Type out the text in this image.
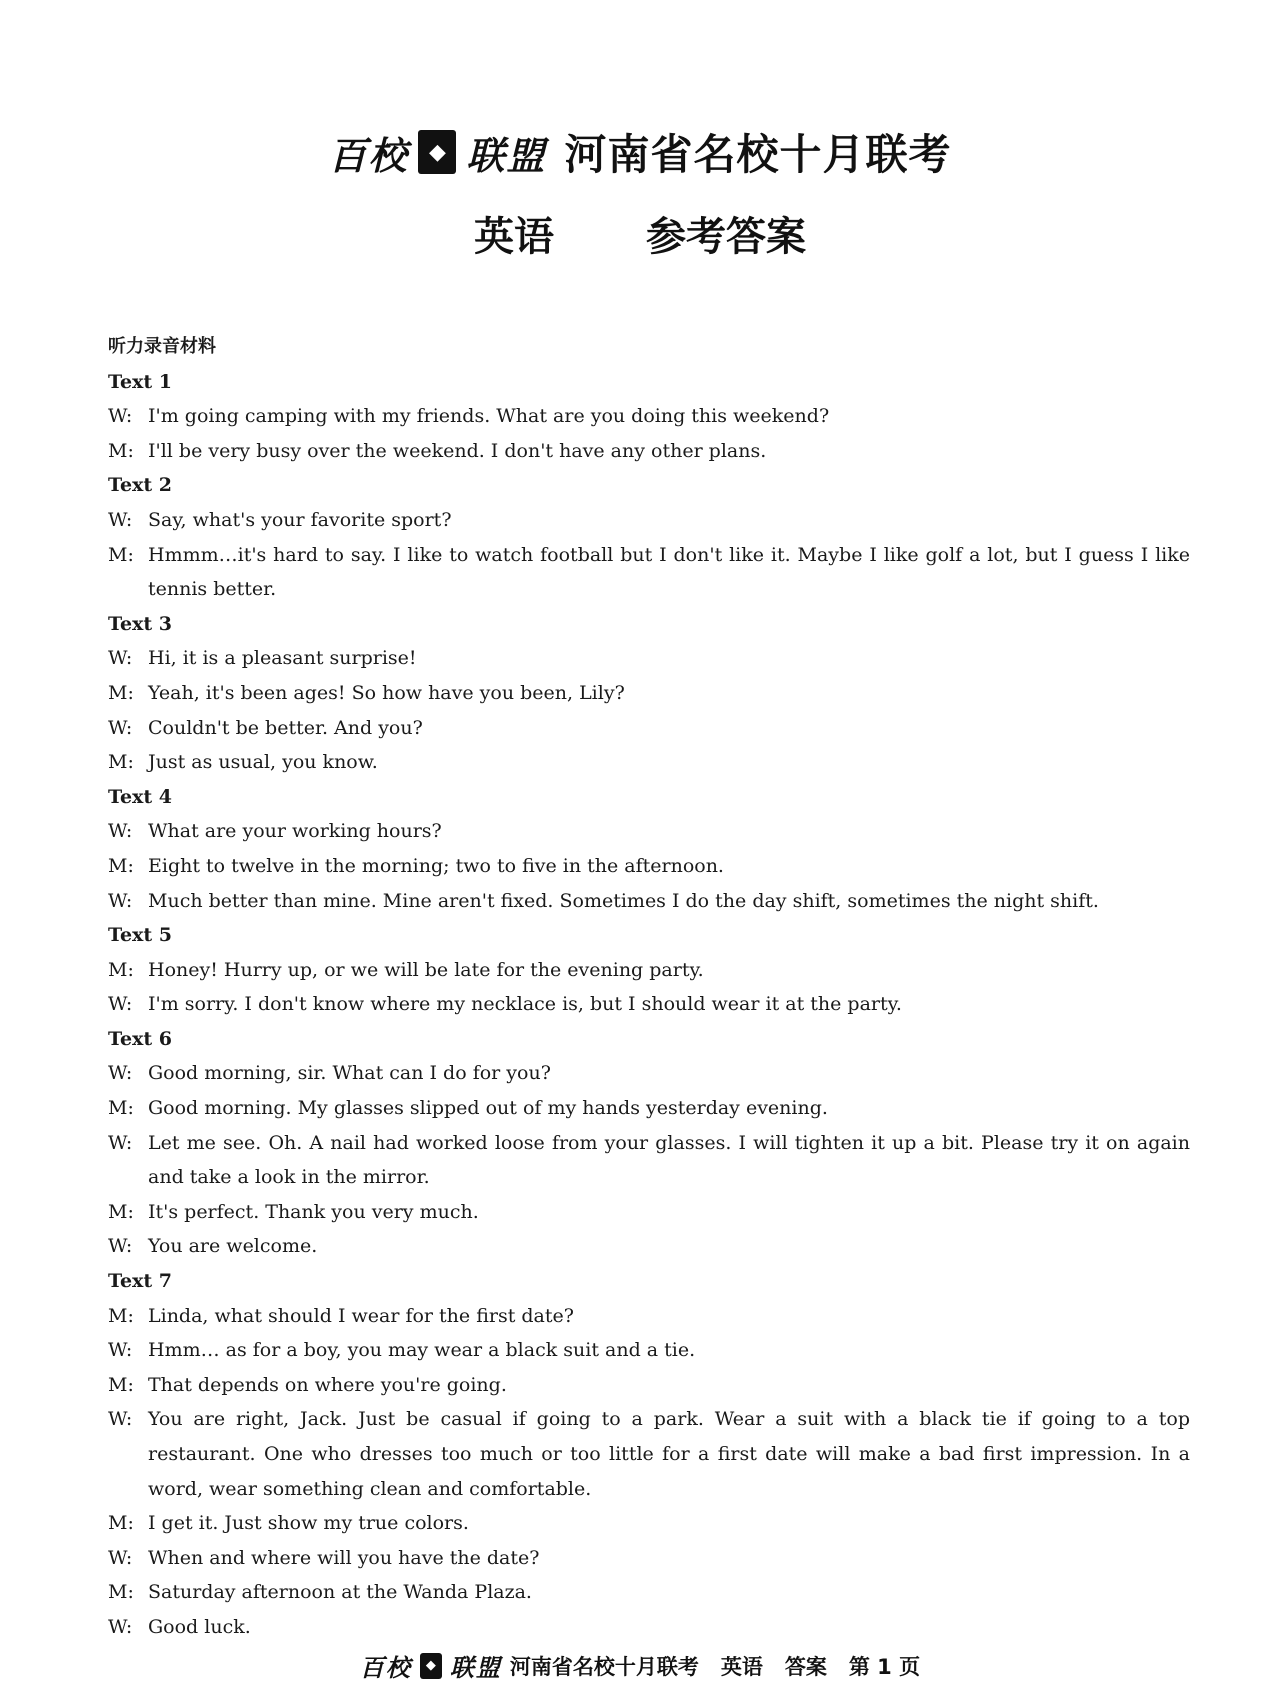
百校 ◆ 联盟 河南省名校十月联考
英语 参考答案
听力录音材料
Text 1
W: I'm going camping with my friends. What are you doing this weekend?
M: I'll be very busy over the weekend. I don't have any other plans.
Text 2
W: Say, what's your favorite sport?
M: Hmmm…it's hard to say. I like to watch football but I don't like it. Maybe I like golf a lot, but I guess I like tennis better.
Text 3
W: Hi, it is a pleasant surprise!
M: Yeah, it's been ages! So how have you been, Lily?
W: Couldn't be better. And you?
M: Just as usual, you know.
Text 4
W: What are your working hours?
M: Eight to twelve in the morning; two to five in the afternoon.
W: Much better than mine. Mine aren't fixed. Sometimes I do the day shift, sometimes the night shift.
Text 5
M: Honey! Hurry up, or we will be late for the evening party.
W: I'm sorry. I don't know where my necklace is, but I should wear it at the party.
Text 6
W: Good morning, sir. What can I do for you?
M: Good morning. My glasses slipped out of my hands yesterday evening.
W: Let me see. Oh. A nail had worked loose from your glasses. I will tighten it up a bit. Please try it on again and take a look in the mirror.
M: It's perfect. Thank you very much.
W: You are welcome.
Text 7
M: Linda, what should I wear for the first date?
W: Hmm… as for a boy, you may wear a black suit and a tie.
M: That depends on where you're going.
W: You are right, Jack. Just be casual if going to a park. Wear a suit with a black tie if going to a top restaurant. One who dresses too much or too little for a first date will make a bad first impression. In a word, wear something clean and comfortable.
M: I get it. Just show my true colors.
W: When and where will you have the date?
M: Saturday afternoon at the Wanda Plaza.
W: Good luck.
百校	◆ 联盟 河南省名校十月联考 英语 答案 第 1 页
